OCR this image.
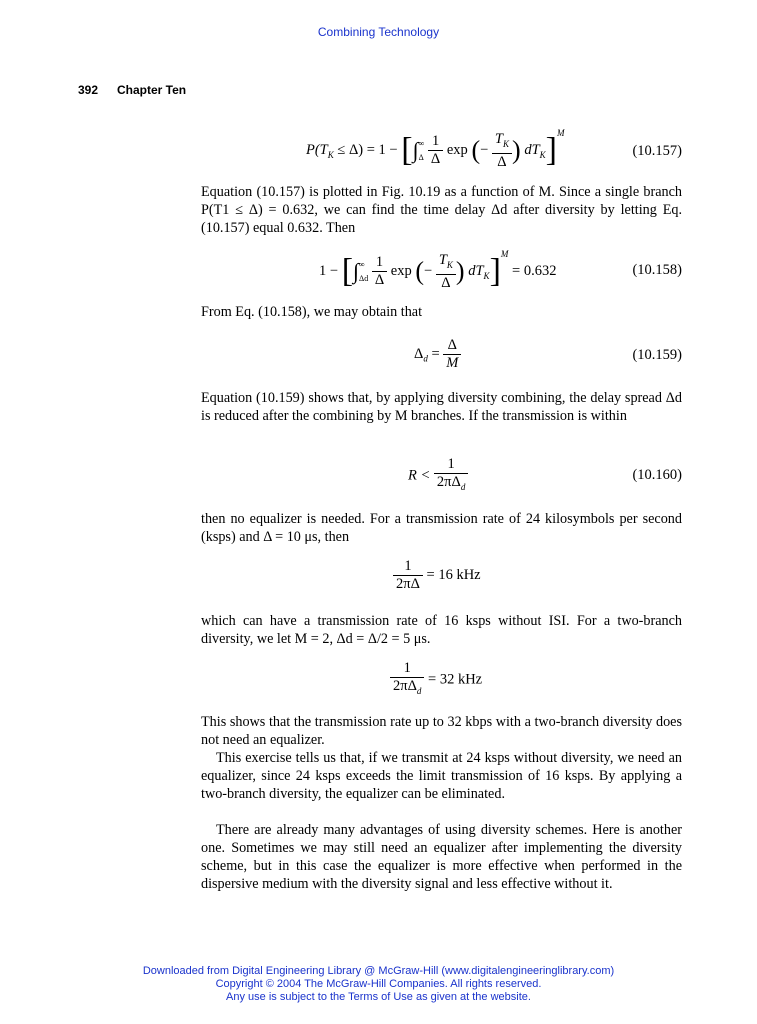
Combining Technology
392 Chapter Ten
$P(T_K \le \Delta) = 1$ − [∫∞
Δ $\frac{1}{\Delta}$ exp (− $\frac{T_K}{\Delta}$ ) $dT_K]^M$
(10.157)
Equation (10.157) is plotted in Fig. 10.19 as a function of M. Since a single branch P(T1 ≤ Δ) = 0.632, we can find the time delay Δd after diversity by letting Eq. (10.157) equal 0.632. Then
1 − [∫∞
Δd $\frac{1}{\Delta}$ exp (− $\frac{T_K}{\Delta}$ ) $dT_K]^M = 0.632$	(10.158)
From Eq. (10.158), we may obtain that
$\Delta_d = \frac{\Delta}{M}$	(10.159)
Equation (10.159) shows that, by applying diversity combining, the delay spread Δd is reduced after the combining by M branches. If the transmission is within
$R < \frac{1}{2\pi\Delta_d}$	(10.160)
then no equalizer is needed. For a transmission rate of 24 kilosymbols per second (ksps) and Δ = 10 μs, then
$\frac{1}{2\pi\Delta} = 16$ kHz
which can have a transmission rate of 16 ksps without ISI. For a two-branch diversity, we let M = 2, Δd = Δ/2 = 5 μs.
$\frac{1}{2\pi\Delta_d} = 32$ kHz
This shows that the transmission rate up to 32 kbps with a two-branch diversity does not need an equalizer.
This exercise tells us that, if we transmit at 24 ksps without diversity, we need an equalizer, since 24 ksps exceeds the limit transmission of 16 ksps. By applying a two-branch diversity, the equalizer can be eliminated.
There are already many advantages of using diversity schemes. Here is another one. Sometimes we may still need an equalizer after implementing the diversity scheme, but in this case the equalizer is more effective when performed in the dispersive medium with the diversity signal and less effective without it.
Downloaded from Digital Engineering Library @ McGraw-Hill (www.digitalengineeringlibrary.com)
Copyright © 2004 The McGraw-Hill Companies. All rights reserved.
Any use is subject to the Terms of Use as given at the website.
